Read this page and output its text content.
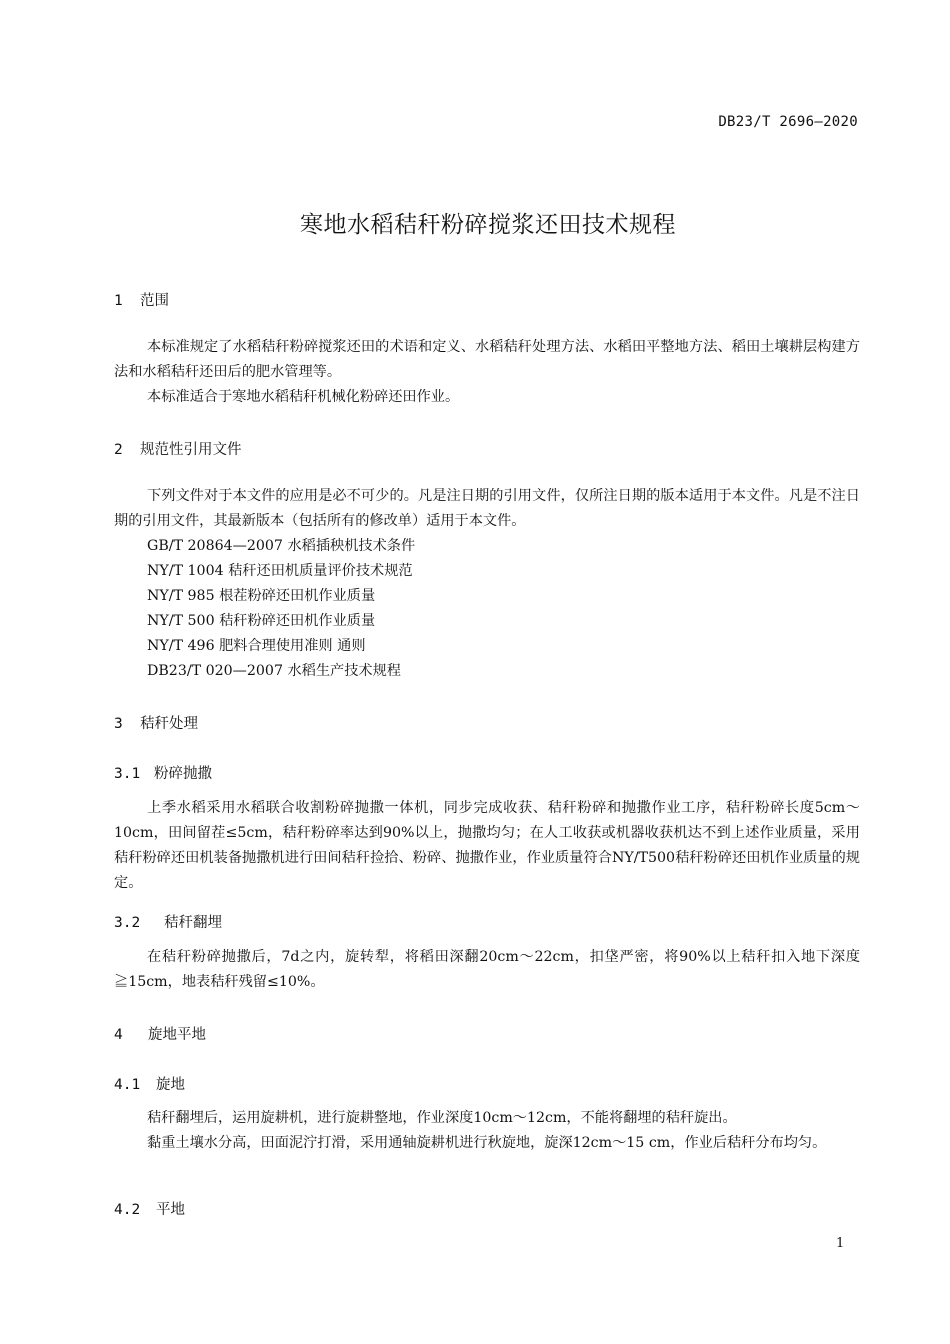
DB23/T 2696—2020
寒地水稻秸秆粉碎搅浆还田技术规程
1 范围

本标准规定了水稻秸秆粉碎搅浆还田的术语和定义、水稻秸秆处理方法、水稻田平整地方法、稻田土壤耕层构建方法和水稻秸秆还田后的肥水管理等。

本标准适合于寒地水稻秸秆机械化粉碎还田作业。

2 规范性引用文件

下列文件对于本文件的应用是必不可少的。凡是注日期的引用文件，仅所注日期的版本适用于本文件。凡是不注日期的引用文件，其最新版本（包括所有的修改单）适用于本文件。

GB/T 20864—2007 水稻插秧机技术条件

NY/T 1004 秸秆还田机质量评价技术规范

NY/T 985 根茬粉碎还田机作业质量

NY/T 500 秸秆粉碎还田机作业质量

NY/T 496 肥料合理使用准则 通则

DB23/T 020—2007 水稻生产技术规程

3 秸秆处理
3.1 粉碎抛撒

上季水稻采用水稻联合收割粉碎抛撒一体机，同步完成收获、秸秆粉碎和抛撒作业工序，秸秆粉碎长度5cm～10cm，田间留茬≤5cm，秸秆粉碎率达到90%以上，抛撒均匀；在人工收获或机器收获机达不到上述作业质量，采用秸秆粉碎还田机装备抛撒机进行田间秸秆捡拾、粉碎、抛撒作业，作业质量符合NY/T500秸秆粉碎还田机作业质量的规定。

3.2 秸秆翻埋

在秸秆粉碎抛撒后，7d之内，旋转犁，将稻田深翻20cm～22cm，扣垡严密，将90%以上秸秆扣入地下深度≧15cm，地表秸秆残留≤10%。

4 旋地平地
4.1 旋地

秸秆翻埋后，运用旋耕机，进行旋耕整地，作业深度10cm～12cm，不能将翻埋的秸秆旋出。

黏重土壤水分高，田面泥泞打滑，采用通轴旋耕机进行秋旋地，旋深12cm～15 cm，作业后秸秆分布均匀。

4.2 平地
1
